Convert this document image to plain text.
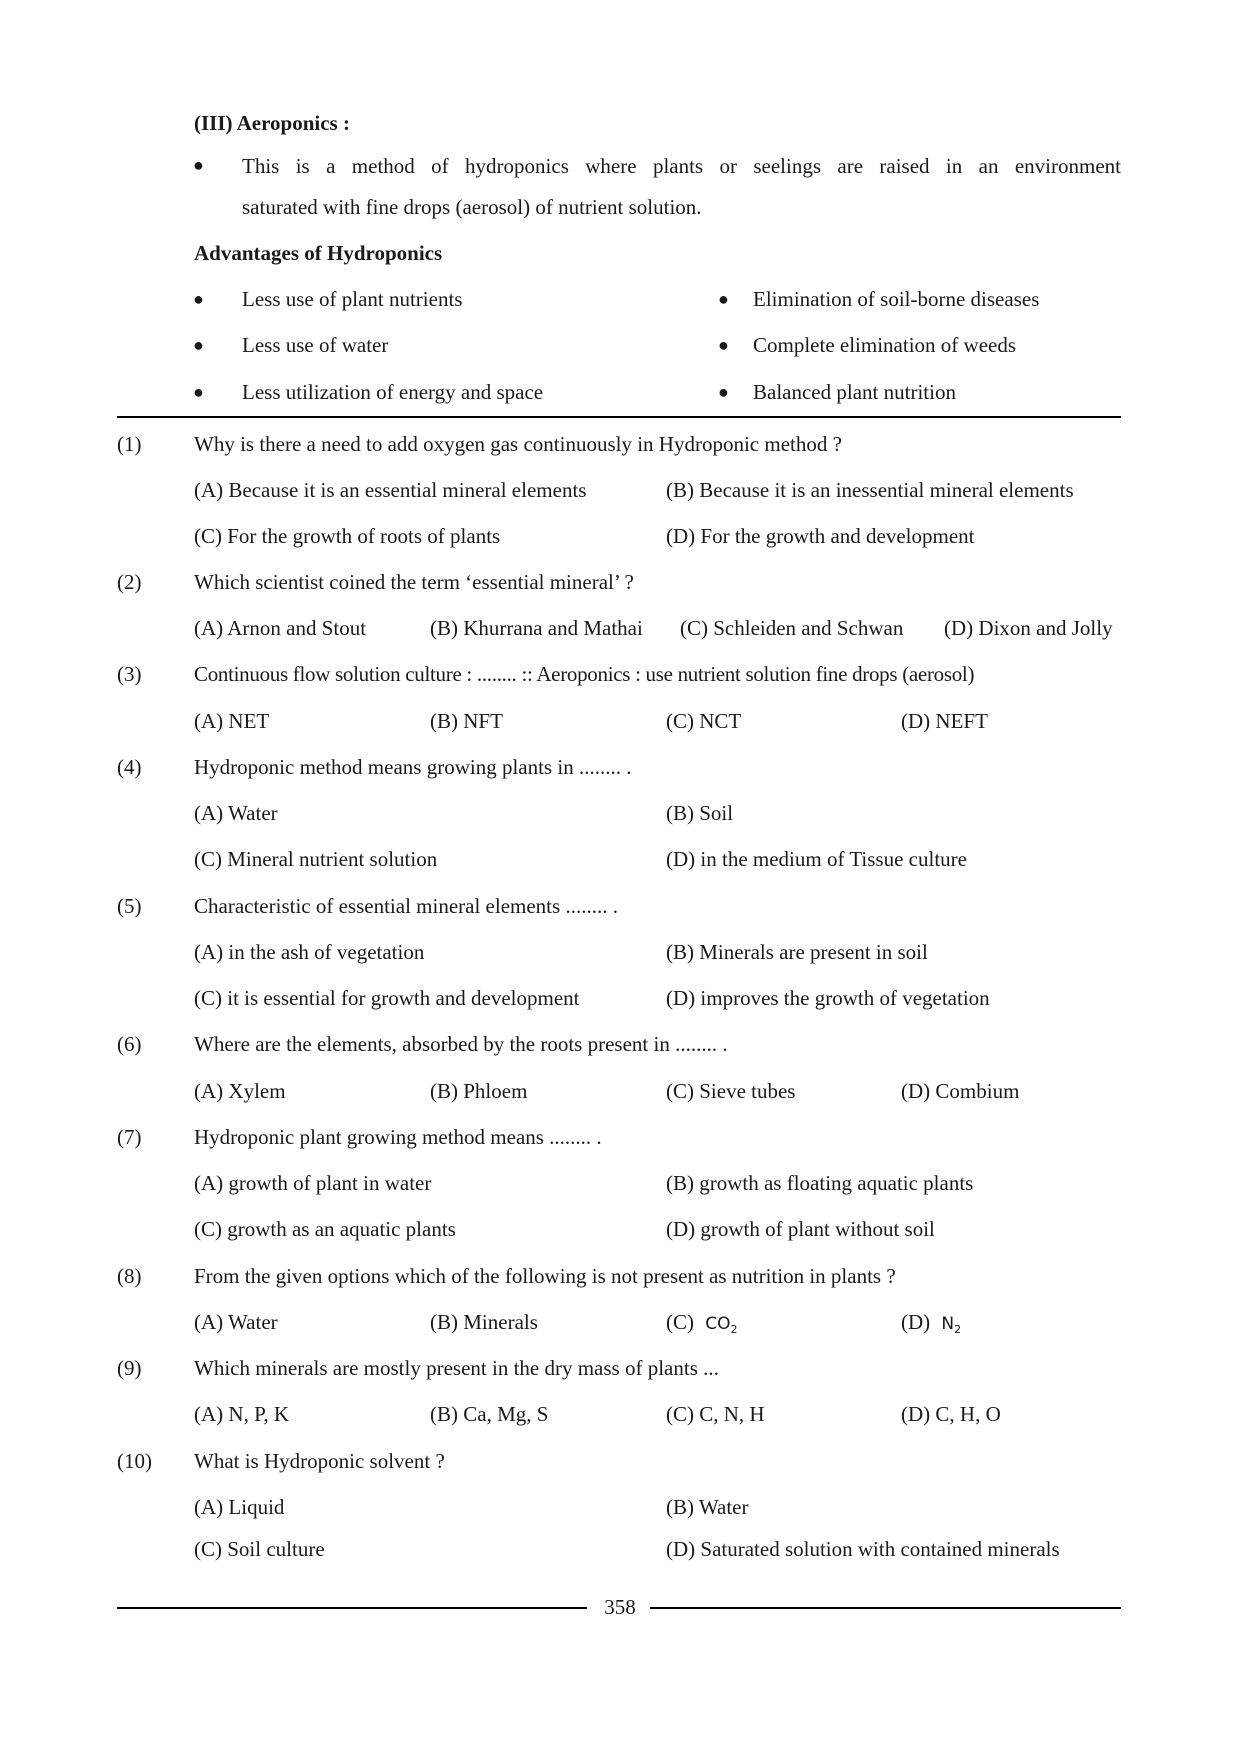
(III) Aeroponics :
● This is a method of hydroponics where plants or seelings are raised in an environment
saturated with fine drops (aerosol) of nutrient solution.
Advantages of Hydroponics
● Less use of plant nutrients	● Elimination of soil-borne diseases
● Less use of water	● Complete elimination of weeds
● Less utilization of energy and space	● Balanced plant nutrition
(1)	Why is there a need to add oxygen gas continuously in Hydroponic method ?
(A) Because it is an essential mineral elements	(B) Because it is an inessential mineral elements
(C) For the growth of roots of plants	(D) For the growth and development
(2)	Which scientist coined the term ‘essential mineral’ ?
(A) Arnon and Stout	(B) Khurrana and Mathai (C) Schleiden and Schwan (D) Dixon and Jolly
(3)	Continuous flow solution culture : ........ :: Aeroponics : use nutrient solution fine drops (aerosol)
(A) NET	(B) NFT	(C) NCT	(D) NEFT
(4)	Hydroponic method means growing plants in ........ .
(A) Water	(B) Soil
(C) Mineral nutrient solution	(D) in the medium of Tissue culture
(5)	Characteristic of essential mineral elements ........ .
(A) in the ash of vegetation	(B) Minerals are present in soil
(C) it is essential for growth and development	(D) improves the growth of vegetation
(6)	Where are the elements, absorbed by the roots present in ........ .
(A) Xylem	(B) Phloem	(C) Sieve tubes	(D) Combium
(7)	Hydroponic plant growing method means ........ .
(A) growth of plant in water	(B) growth as floating aquatic plants
(C) growth as an aquatic plants	(D) growth of plant without soil
(8)	From the given options which of the following is not present as nutrition in plants ?
(A) Water	(B) Minerals	(C) $CO_2$	(D) $N_2$
(9)	Which minerals are mostly present in the dry mass of plants ...
(A) N, P, K	(B) Ca, Mg, S	(C) C, N, H	(D) C, H, O
(10) What is Hydroponic solvent ?
(A) Liquid	(B) Water
(C) Soil culture	(D) Saturated solution with contained minerals
358
